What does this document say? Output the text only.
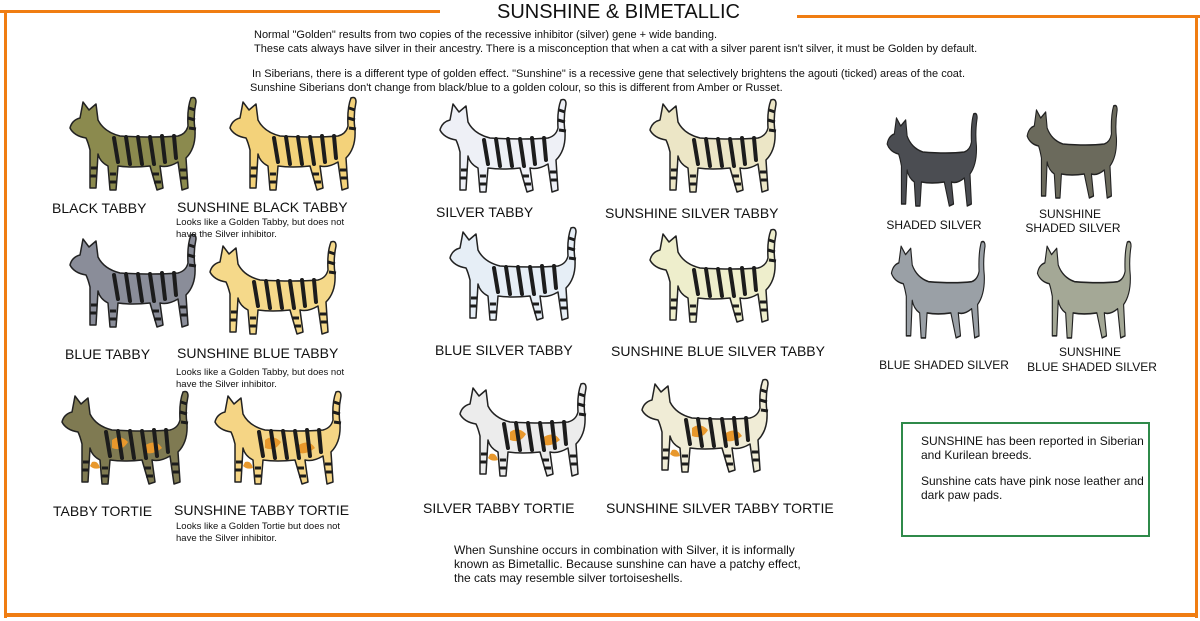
SUNSHINE & BIMETALLIC
Normal "Golden" results from two copies of the recessive inhibitor (silver) gene + wide banding.
These cats always have silver in their ancestry. There is a misconception that when a cat with a silver parent isn't silver, it must be Golden by default.
In Siberians, there is a different type of golden effect. "Sunshine" is a recessive gene that selectively brightens the agouti (ticked) areas of the coat.
Sunshine Siberians don't change from black/blue to a golden colour, so this is different from Amber or Russet.
BLACK TABBY
BLUE TABBY
TABBY TORTIE
SUNSHINE BLACK TABBY
Looks like a Golden Tabby, but does not
have the Silver inhibitor.
SUNSHINE BLUE TABBY
Looks like a Golden Tabby, but does not
have the Silver inhibitor.
SUNSHINE TABBY TORTIE
Looks like a Golden Tortie but does not
have the Silver inhibitor.
SILVER TABBY
BLUE SILVER TABBY
SILVER TABBY TORTIE
SUNSHINE SILVER TABBY
SUNSHINE BLUE SILVER TABBY
SUNSHINE SILVER TABBY TORTIE
SHADED SILVER
SUNSHINE
SHADED SILVER
BLUE SHADED SILVER
SUNSHINE
BLUE SHADED SILVER

SUNSHINE has been reported in Siberian and Kurilean breeds.

Sunshine cats have pink nose leather and dark paw pads.

When Sunshine occurs in combination with Silver, it is informally known as Bimetallic. Because sunshine can have a patchy effect, the cats may resemble silver tortoiseshells.
